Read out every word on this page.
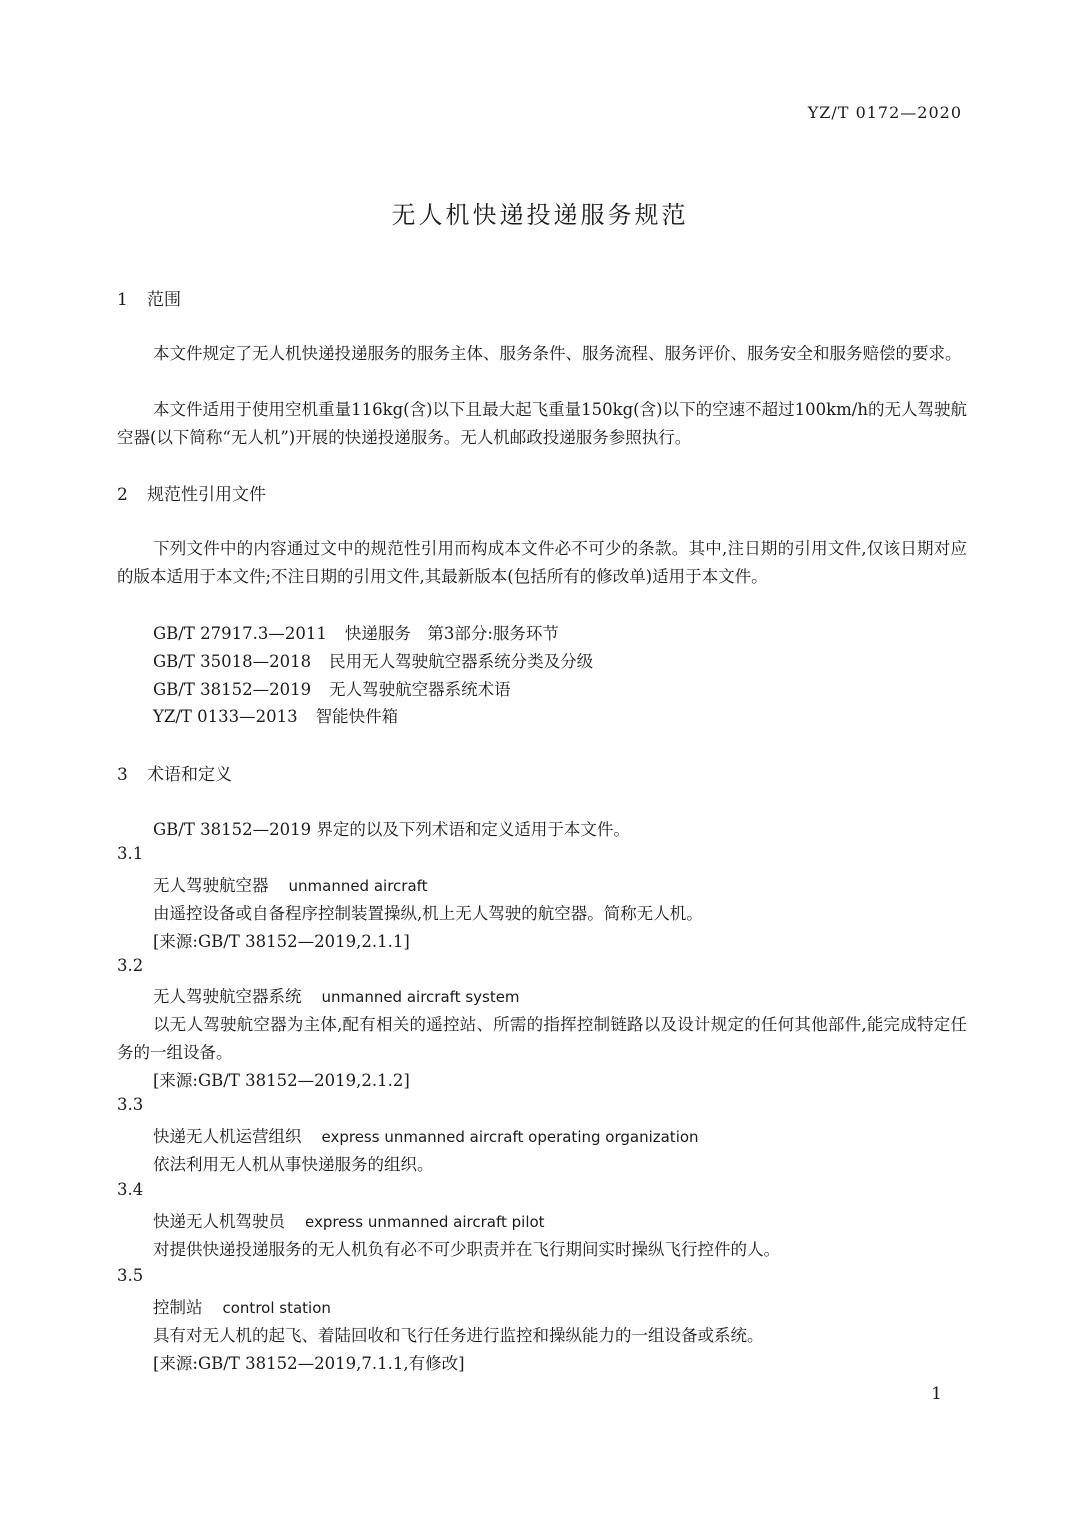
YZ/T 0172—2020
无人机快递投递服务规范
1 范围

本文件规定了无人机快递投递服务的服务主体、服务条件、服务流程、服务评价、服务安全和服务赔偿的要求。

本文件适用于使用空机重量116kg(含)以下且最大起飞重量150kg(含)以下的空速不超过100km/h的无人驾驶航空器(以下简称“无人机”)开展的快递投递服务。无人机邮政投递服务参照执行。

2 规范性引用文件

下列文件中的内容通过文中的规范性引用而构成本文件必不可少的条款。其中,注日期的引用文件,仅该日期对应的版本适用于本文件;不注日期的引用文件,其最新版本(包括所有的修改单)适用于本文件。

GB/T 27917.3—2011 快递服务　第3部分:服务环节
GB/T 35018—2018 民用无人驾驶航空器系统分类及分级
GB/T 38152—2019 无人驾驶航空器系统术语
YZ/T 0133—2013 智能快件箱
3 术语和定义
GB/T 38152—2019 界定的以及下列术语和定义适用于本文件。
3.1
无人驾驶航空器 unmanned aircraft
由遥控设备或自备程序控制装置操纵,机上无人驾驶的航空器。简称无人机。
[来源:GB/T 38152—2019,2.1.1]
3.2
无人驾驶航空器系统 unmanned aircraft system

以无人驾驶航空器为主体,配有相关的遥控站、所需的指挥控制链路以及设计规定的任何其他部件,能完成特定任务的一组设备。

[来源:GB/T 38152—2019,2.1.2]
3.3
快递无人机运营组织 express unmanned aircraft operating organization
依法利用无人机从事快递服务的组织。
3.4
快递无人机驾驶员 express unmanned aircraft pilot
对提供快递投递服务的无人机负有必不可少职责并在飞行期间实时操纵飞行控件的人。
3.5
控制站 control station
具有对无人机的起飞、着陆回收和飞行任务进行监控和操纵能力的一组设备或系统。
[来源:GB/T 38152—2019,7.1.1,有修改]
1
